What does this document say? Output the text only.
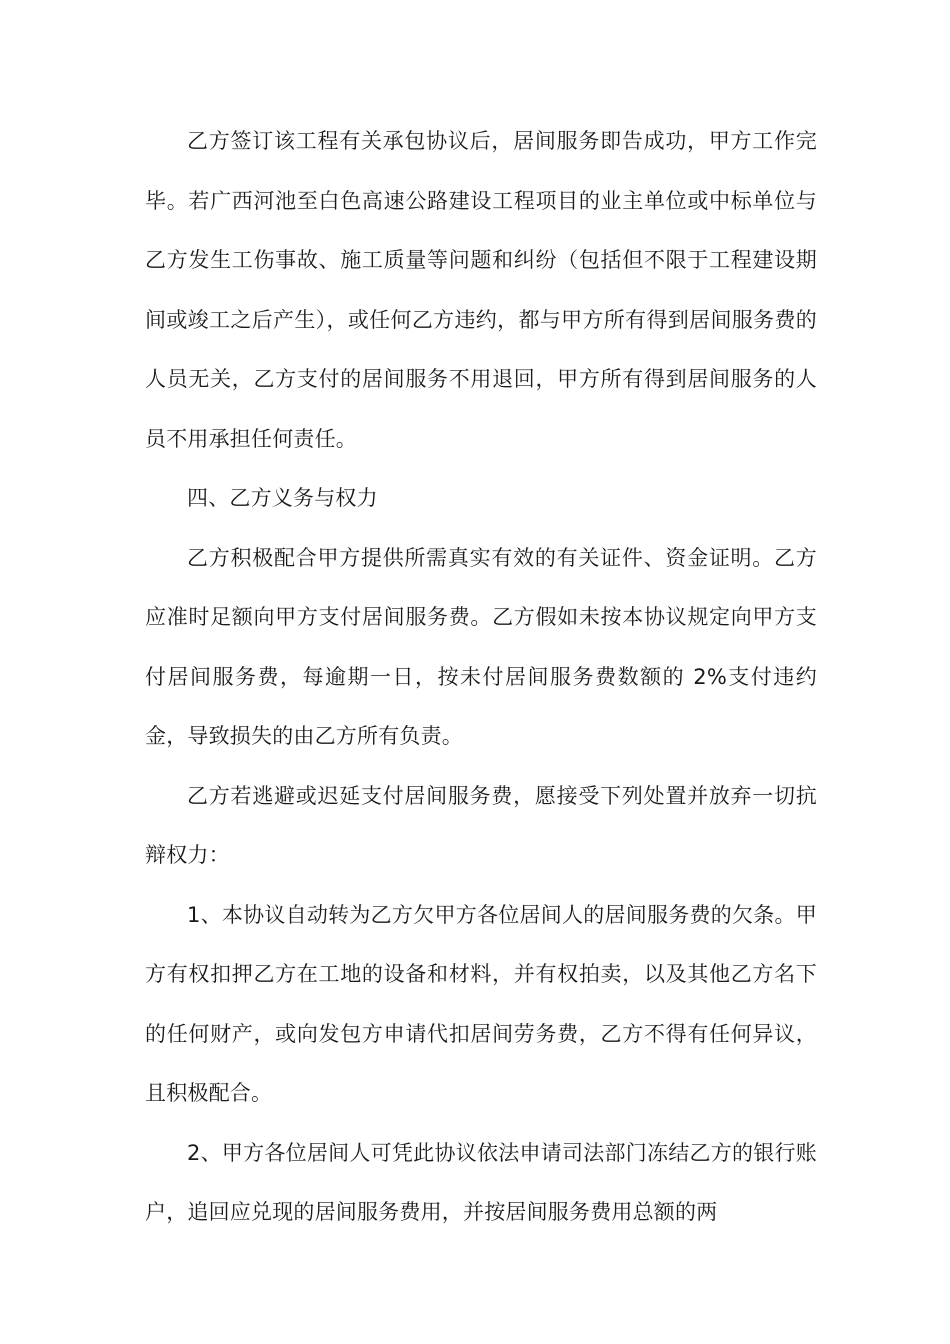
乙方签订该工程有关承包协议后，居间服务即告成功，甲方工作完毕。若广西河池至白色高速公路建设工程项目的业主单位或中标单位与乙方发生工伤事故、施工质量等问题和纠纷（包括但不限于工程建设期间或竣工之后产生），或任何乙方违约，都与甲方所有得到居间服务费的人员无关，乙方支付的居间服务不用退回，甲方所有得到居间服务的人员不用承担任何责任。

四、乙方义务与权力

乙方积极配合甲方提供所需真实有效的有关证件、资金证明。乙方应准时足额向甲方支付居间服务费。乙方假如未按本协议规定向甲方支付居间服务费，每逾期一日，按未付居间服务费数额的 2%支付违约金，导致损失的由乙方所有负责。

乙方若逃避或迟延支付居间服务费，愿接受下列处置并放弃一切抗辩权力：

1、本协议自动转为乙方欠甲方各位居间人的居间服务费的欠条。甲方有权扣押乙方在工地的设备和材料，并有权拍卖，以及其他乙方名下的任何财产，或向发包方申请代扣居间劳务费，乙方不得有任何异议，且积极配合。

2、甲方各位居间人可凭此协议依法申请司法部门冻结乙方的银行账户，追回应兑现的居间服务费用，并按居间服务费用总额的两
